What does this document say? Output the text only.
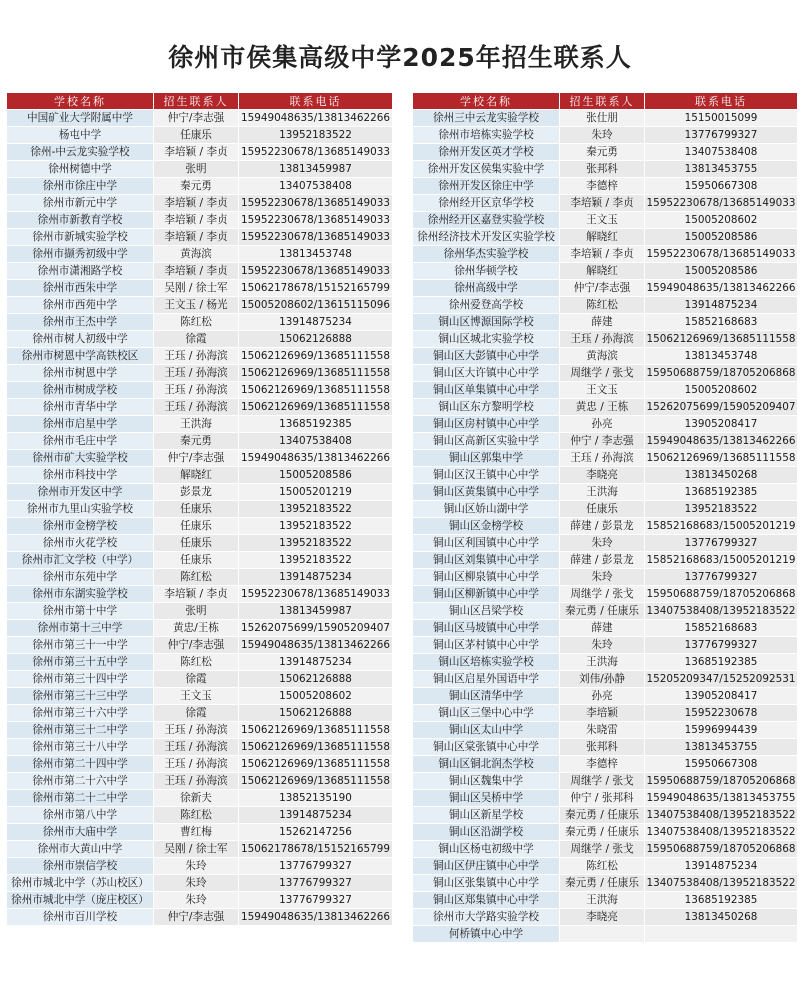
徐州市侯集高级中学2025年招生联系人
学校名称	招生联系人	联系电话
中国矿业大学附属中学	仲宁/李志强	15949048635/13813462266
杨屯中学	任康乐	13952183522
徐州-中云龙实验学校	李培颖 / 李贞	15952230678/13685149033
徐州树德中学	张明	13813459987
徐州市徐庄中学	秦元勇	13407538408
徐州市新元中学	李培颖 / 李贞	15952230678/13685149033
徐州市新教育学校	李培颖 / 李贞	15952230678/13685149033
徐州市新城实验学校	李培颖 / 李贞	15952230678/13685149033
徐州市撷秀初级中学	黄海滨	13813453748
徐州市潇湘路学校	李培颖 / 李贞	15952230678/13685149033
徐州市西朱中学	吴刚 / 徐士军	15062178678/15152165799
徐州市西苑中学	王文玉 / 杨光	15005208602/13615115096
徐州市王杰中学	陈红松	13914875234
徐州市树人初级中学	徐霞	15062126888
徐州市树恩中学高铁校区	王珏 / 孙海滨	15062126969/13685111558
徐州市树恩中学	王珏 / 孙海滨	15062126969/13685111558
徐州市树成学校	王珏 / 孙海滨	15062126969/13685111558
徐州市青华中学	王珏 / 孙海滨	15062126969/13685111558
徐州市启星中学	王洪海	13685192385
徐州市毛庄中学	秦元勇	13407538408
徐州市矿大实验学校	仲宁/李志强	15949048635/13813462266
徐州市科技中学	解晓红	15005208586
徐州市开发区中学	彭景龙	15005201219
徐州市九里山实验学校	任康乐	13952183522
徐州市金榜学校	任康乐	13952183522
徐州市火花学校	任康乐	13952183522
徐州市汇文学校（中学）	任康乐	13952183522
徐州市东苑中学	陈红松	13914875234
徐州市东湖实验学校	李培颖 / 李贞	15952230678/13685149033
徐州市第十中学	张明	13813459987
徐州市第十三中学	黄忠/王栋	15262075699/15905209407
徐州市第三十一中学	仲宁/李志强	15949048635/13813462266
徐州市第三十五中学	陈红松	13914875234
徐州市第三十四中学	徐霞	15062126888
徐州市第三十三中学	王文玉	15005208602
徐州市第三十六中学	徐霞	15062126888
徐州市第三十二中学	王珏 / 孙海滨	15062126969/13685111558
徐州市第三十八中学	王珏 / 孙海滨	15062126969/13685111558
徐州市第二十四中学	王珏 / 孙海滨	15062126969/13685111558
徐州市第二十六中学	王珏 / 孙海滨	15062126969/13685111558
徐州市第二十二中学	徐新夫	13852135190
徐州市第八中学	陈红松	13914875234
徐州市大庙中学	曹红梅	15262147256
徐州市大黄山中学	吴刚 / 徐士军	15062178678/15152165799
徐州市崇信学校	朱玲	13776799327
徐州市城北中学（苏山校区）	朱玲	13776799327
徐州市城北中学（庞庄校区）	朱玲	13776799327
徐州市百川学校	仲宁/李志强	15949048635/13813462266
学校名称	招生联系人	联系电话
徐州三中云龙实验学校	张仕朋	15150015099
徐州市培栋实验学校	朱玲	13776799327
徐州开发区英才学校	秦元勇	13407538408
徐州开发区侯集实验中学	张邦科	13813453755
徐州开发区徐庄中学	李德梓	15950667308
徐州经开区京华学校	李培颖 / 李贞	15952230678/13685149033
徐州经开区嘉登实验学校	王文玉	15005208602
徐州经济技术开发区实验学校	解晓红	15005208586
徐州华杰实验学校	李培颖 / 李贞	15952230678/13685149033
徐州华顿学校	解晓红	15005208586
徐州高级中学	仲宁/李志强	15949048635/13813462266
徐州爱登高学校	陈红松	13914875234
铜山区博源国际学校	薛建	15852168683
铜山区城北实验学校	王珏 / 孙海滨	15062126969/13685111558
铜山区大彭镇中心中学	黄海滨	13813453748
铜山区大许镇中心中学	周继学 / 张戈	15950688759/18705206868
铜山区单集镇中心中学	王文玉	15005208602
铜山区东方黎明学校	黄忠 / 王栋	15262075699/15905209407
铜山区房村镇中心中学	孙亮	13905208417
铜山区高新区实验中学	仲宁 / 李志强	15949048635/13813462266
铜山区郭集中学	王珏 / 孙海滨	15062126969/13685111558
铜山区汉王镇中心中学	李晓亮	13813450268
铜山区黄集镇中心中学	王洪海	13685192385
铜山区娇山湖中学	任康乐	13952183522
铜山区金榜学校	薛建 / 彭景龙	15852168683/15005201219
铜山区利国镇中心中学	朱玲	13776799327
铜山区刘集镇中心中学	薛建 / 彭景龙	15852168683/15005201219
铜山区柳泉镇中心中学	朱玲	13776799327
铜山区柳新镇中心中学	周继学 / 张戈	15950688759/18705206868
铜山区吕梁学校	秦元勇 / 任康乐	13407538408/13952183522
铜山区马坡镇中心中学	薛建	15852168683
铜山区茅村镇中心中学	朱玲	13776799327
铜山区培栋实验学校	王洪海	13685192385
铜山区启星外国语中学	刘伟/孙静	15205209347/15252092531
铜山区清华中学	孙亮	13905208417
铜山区三堡中心中学	李培颖	15952230678
铜山区太山中学	朱晓雷	15996994439
铜山区棠张镇中心中学	张邦科	13813453755
铜山区铜北润杰学校	李德梓	15950667308
铜山区魏集中学	周继学 / 张戈	15950688759/18705206868
铜山区吴桥中学	仲宁 / 张邦科	15949048635/13813453755
铜山区新星学校	秦元勇 / 任康乐	13407538408/13952183522
铜山区沿湖学校	秦元勇 / 任康乐	13407538408/13952183522
铜山区杨屯初级中学	周继学 / 张戈	15950688759/18705206868
铜山区伊庄镇中心中学	陈红松	13914875234
铜山区张集镇中心中学	秦元勇 / 任康乐	13407538408/13952183522
铜山区郑集镇中心中学	王洪海	13685192385
徐州市大学路实验学校	李晓亮	13813450268
何桥镇中心中学		
